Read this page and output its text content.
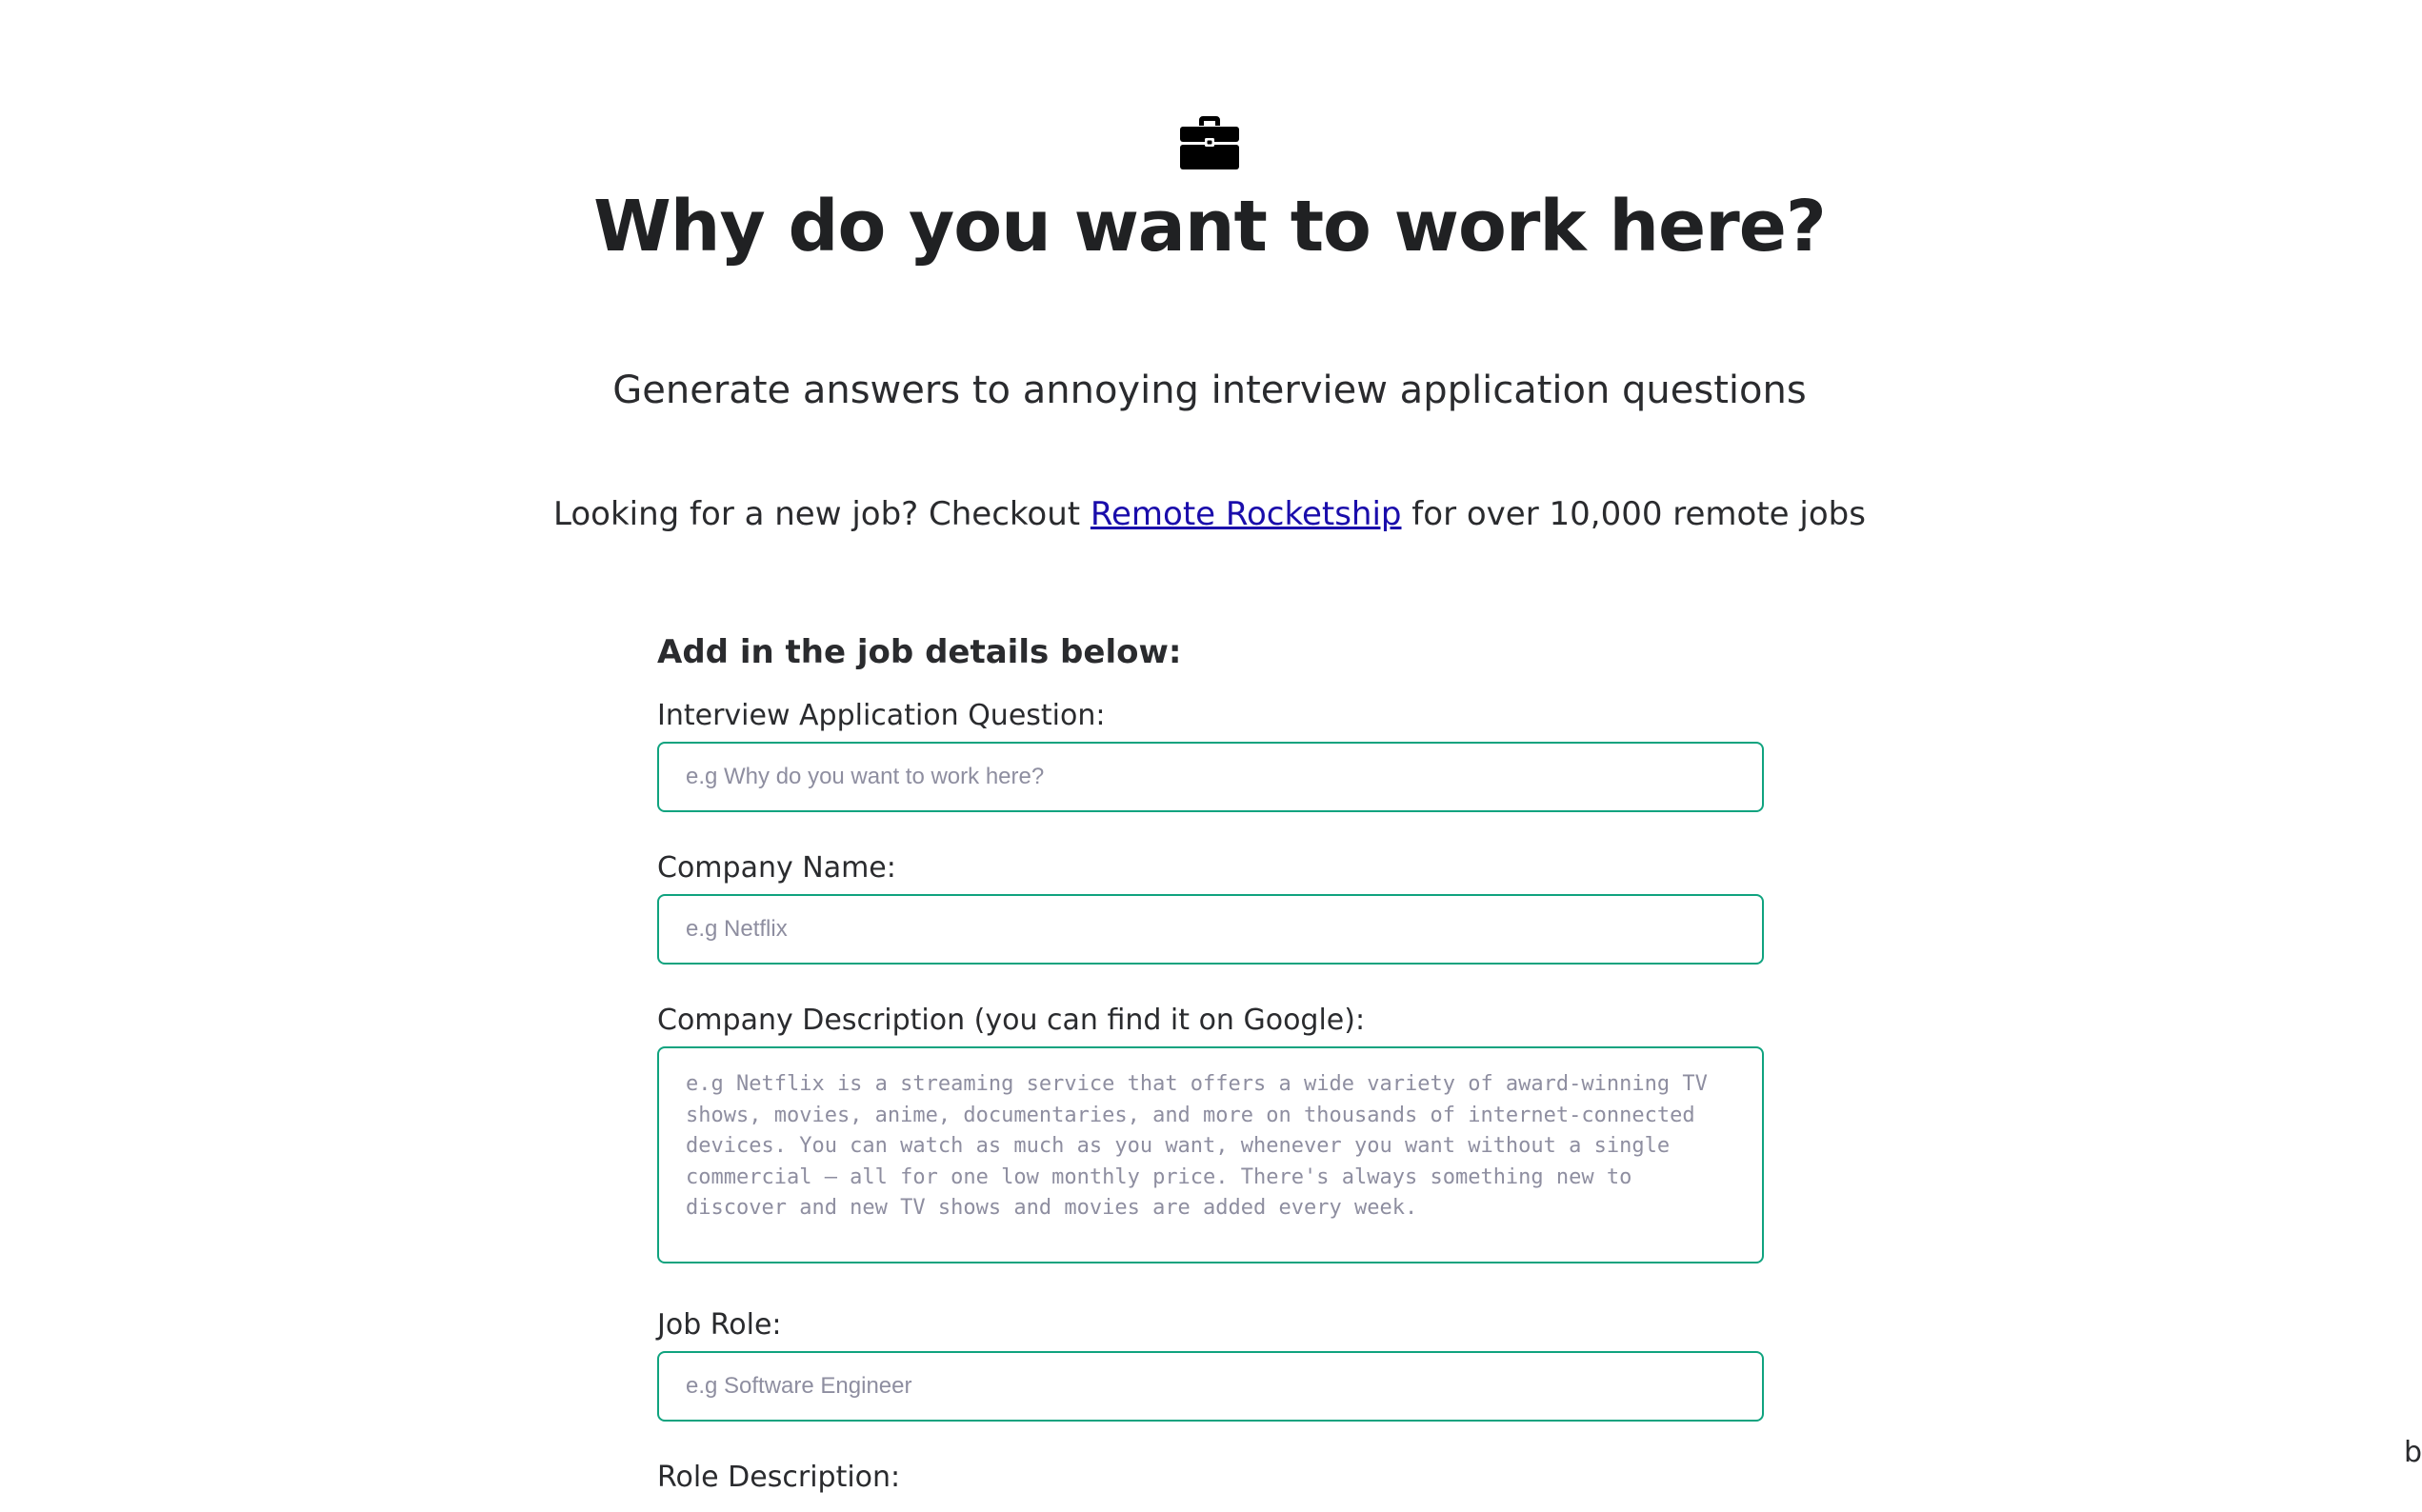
Why do you want to work here?
Generate answers to annoying interview application questions
Looking for a new job? Checkout Remote Rocketship for over 10,000 remote jobs
Add in the job details below:
Interview Application Question:
e.g Why do you want to work here?
Company Name:
e.g Netflix
Company Description (you can find it on Google):
e.g Netflix is a streaming service that offers a wide variety of award-winning TV shows, movies, anime, documentaries, and more on thousands of internet-connected devices. You can watch as much as you want, whenever you want without a single commercial – all for one low monthly price. There's always something new to discover and new TV shows and movies are added every week.
Job Role:
e.g Software Engineer
Role Description:
b
